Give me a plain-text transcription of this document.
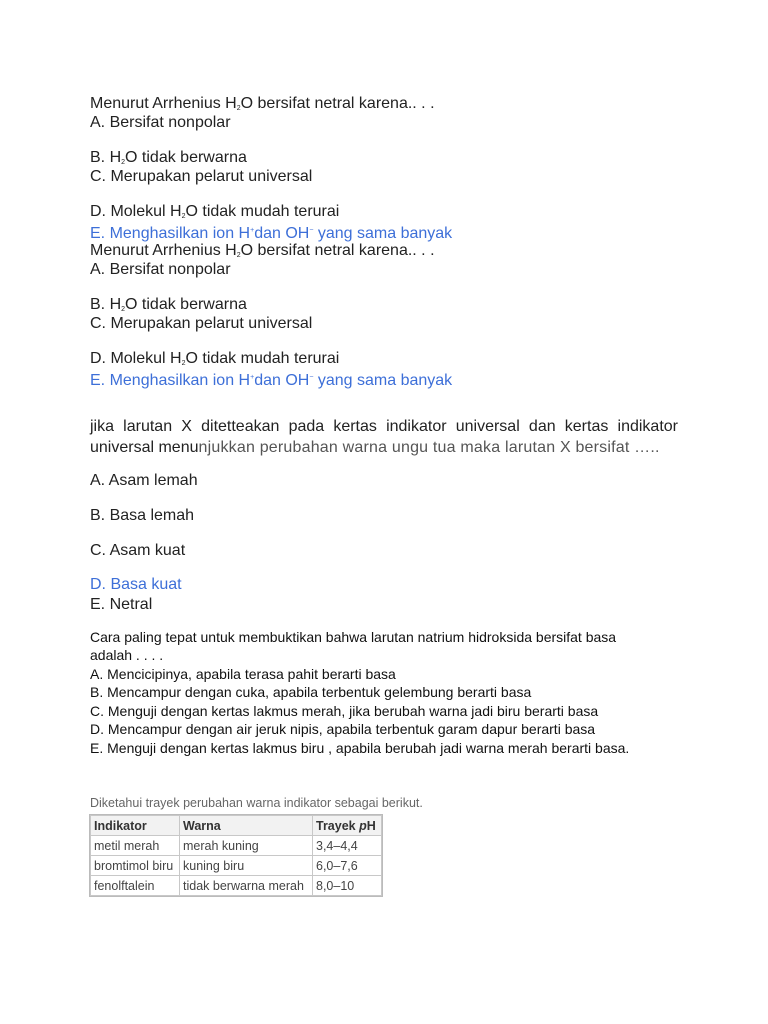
Menurut Arrhenius $H_2O$ bersifat netral karena.. . .
A. Bersifat nonpolar
B. $H_2O$ tidak berwarna
C. Merupakan pelarut universal
D. Molekul $H_2O$ tidak mudah terurai
E. Menghasilkan ion H+dan OH− yang sama banyak
Menurut Arrhenius $H_2O$ bersifat netral karena.. . .
A. Bersifat nonpolar
B. $H_2O$ tidak berwarna
C. Merupakan pelarut universal
D. Molekul $H_2O$ tidak mudah terurai
E. Menghasilkan ion H+dan OH− yang sama banyak
jika larutan X ditetteakan pada kertas indikator universal dan kertas indikator universal menunjukkan perubahan warna ungu tua maka larutan X bersifat …..
A. Asam lemah
B. Basa lemah
C. Asam kuat
D. Basa kuat
E. Netral
Cara paling tepat untuk membuktikan bahwa larutan natrium hidroksida bersifat basa adalah . . . .
A. Mencicipinya, apabila terasa pahit berarti basa
B. Mencampur dengan cuka, apabila terbentuk gelembung berarti basa
C. Menguji dengan kertas lakmus merah, jika berubah warna jadi biru berarti basa
D. Mencampur dengan air jeruk nipis, apabila terbentuk garam dapur berarti basa
E. Menguji dengan kertas lakmus biru , apabila berubah jadi warna merah berarti basa.
Diketahui trayek perubahan warna indikator sebagai berikut.
Indikator	Warna	Trayek pH
metil merah	merah kuning	3,4–4,4
bromtimol biru	kuning biru	6,0–7,6
fenolftalein	tidak berwarna merah	8,0–10
